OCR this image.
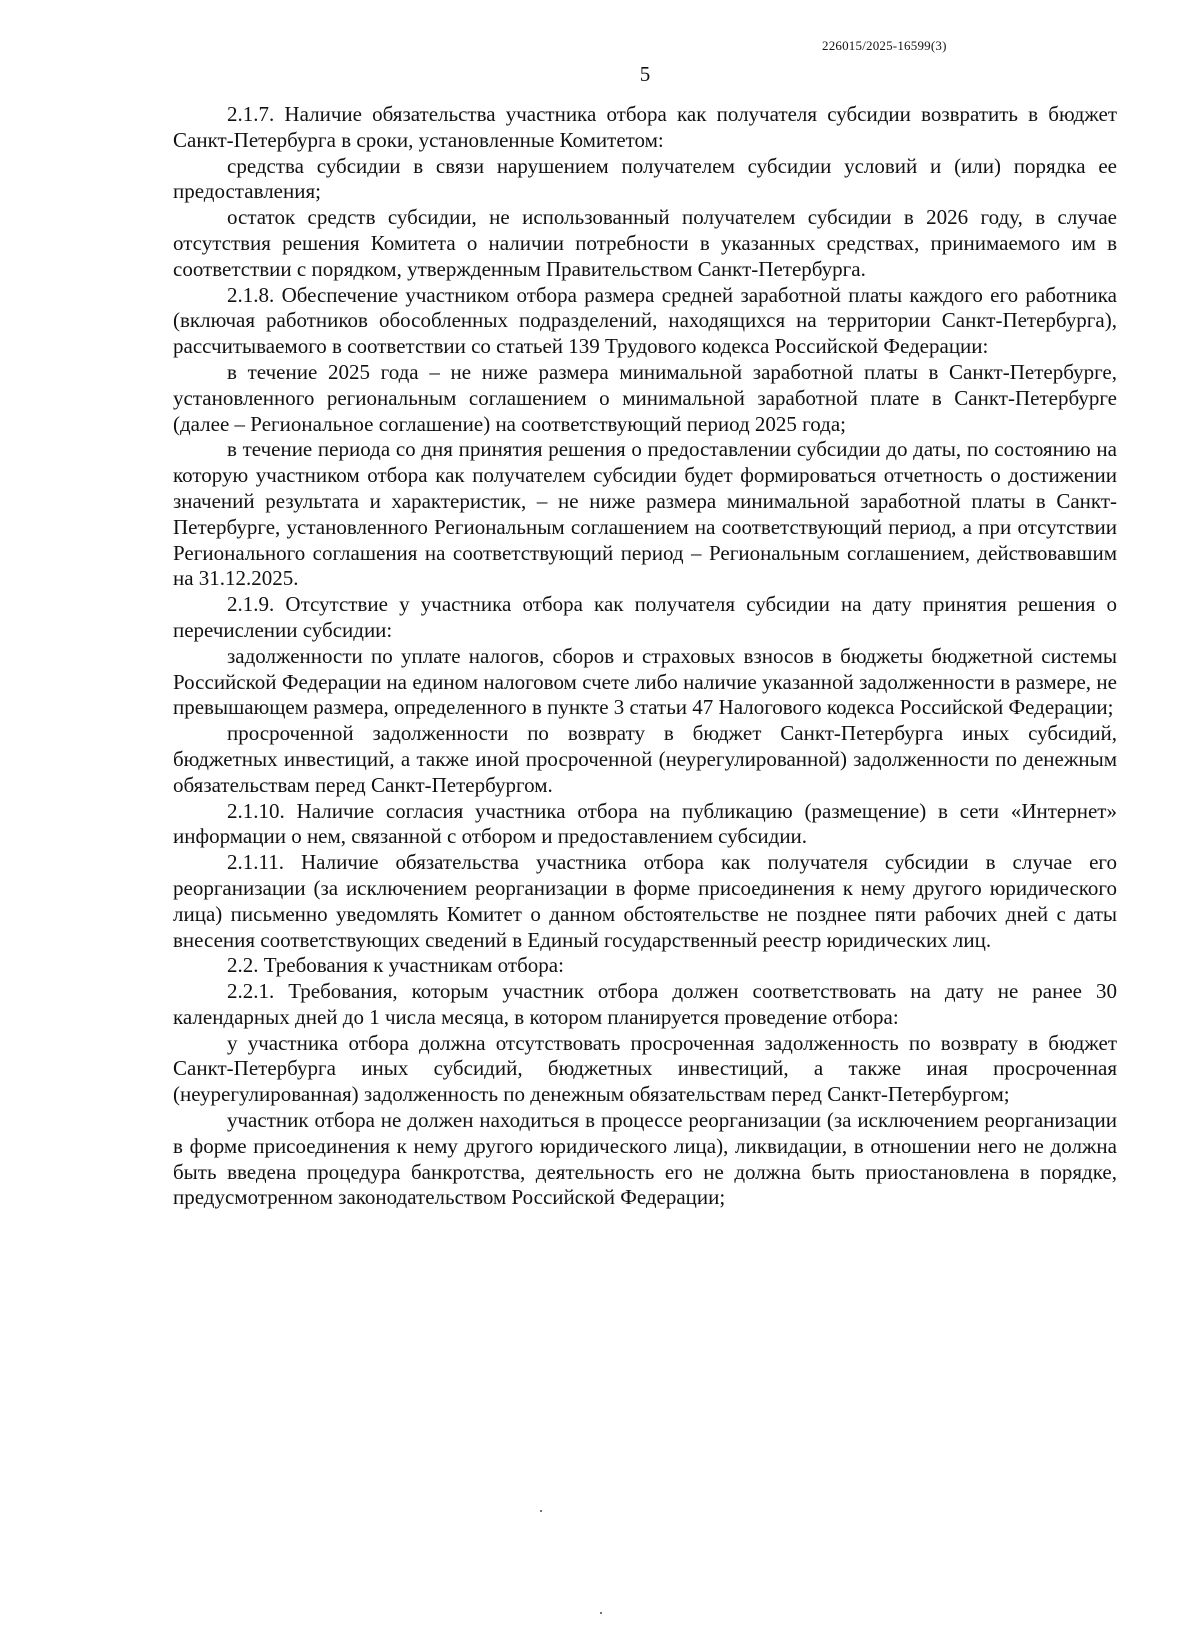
226015/2025-16599(3)
5

2.1.7. Наличие обязательства участника отбора как получателя субсидии возвратить в бюджет Санкт-Петербурга в сроки, установленные Комитетом:

средства субсидии в связи нарушением получателем субсидии условий и (или) порядка ее предоставления;

остаток средств субсидии, не использованный получателем субсидии в 2026 году, в случае отсутствия решения Комитета о наличии потребности в указанных средствах, принимаемого им в соответствии с порядком, утвержденным Правительством Санкт-Петербурга.

2.1.8. Обеспечение участником отбора размера средней заработной платы каждого его работника (включая работников обособленных подразделений, находящихся на территории Санкт-Петербурга), рассчитываемого в соответствии со статьей 139 Трудового кодекса Российской Федерации:

в течение 2025 года – не ниже размера минимальной заработной платы в Санкт-Петербурге, установленного региональным соглашением о минимальной заработной плате в Санкт-Петербурге (далее – Региональное соглашение) на соответствующий период 2025 года;

в течение периода со дня принятия решения о предоставлении субсидии до даты, по состоянию на которую участником отбора как получателем субсидии будет формироваться отчетность о достижении значений результата и характеристик, – не ниже размера минимальной заработной платы в Санкт-Петербурге, установленного Региональным соглашением на соответствующий период, а при отсутствии Регионального соглашения на соответствующий период – Региональным соглашением, действовавшим на 31.12.2025.

2.1.9. Отсутствие у участника отбора как получателя субсидии на дату принятия решения о перечислении субсидии:

задолженности по уплате налогов, сборов и страховых взносов в бюджеты бюджетной системы Российской Федерации на едином налоговом счете либо наличие указанной задолженности в размере, не превышающем размера, определенного в пункте 3 статьи 47 Налогового кодекса Российской Федерации;

просроченной задолженности по возврату в бюджет Санкт-Петербурга иных субсидий, бюджетных инвестиций, а также иной просроченной (неурегулированной) задолженности по денежным обязательствам перед Санкт-Петербургом.

2.1.10. Наличие согласия участника отбора на публикацию (размещение) в сети «Интернет» информации о нем, связанной с отбором и предоставлением субсидии.

2.1.11. Наличие обязательства участника отбора как получателя субсидии в случае его реорганизации (за исключением реорганизации в форме присоединения к нему другого юридического лица) письменно уведомлять Комитет о данном обстоятельстве не позднее пяти рабочих дней с даты внесения соответствующих сведений в Единый государственный реестр юридических лиц.

2.2. Требования к участникам отбора:

2.2.1. Требования, которым участник отбора должен соответствовать на дату не ранее 30 календарных дней до 1 числа месяца, в котором планируется проведение отбора:

у участника отбора должна отсутствовать просроченная задолженность по возврату в бюджет Санкт-Петербурга иных субсидий, бюджетных инвестиций, а также иная просроченная (неурегулированная) задолженность по денежным обязательствам перед Санкт-Петербургом;

участник отбора не должен находиться в процессе реорганизации (за исключением реорганизации в форме присоединения к нему другого юридического лица), ликвидации, в отношении него не должна быть введена процедура банкротства, деятельность его не должна быть приостановлена в порядке, предусмотренном законодательством Российской Федерации;
